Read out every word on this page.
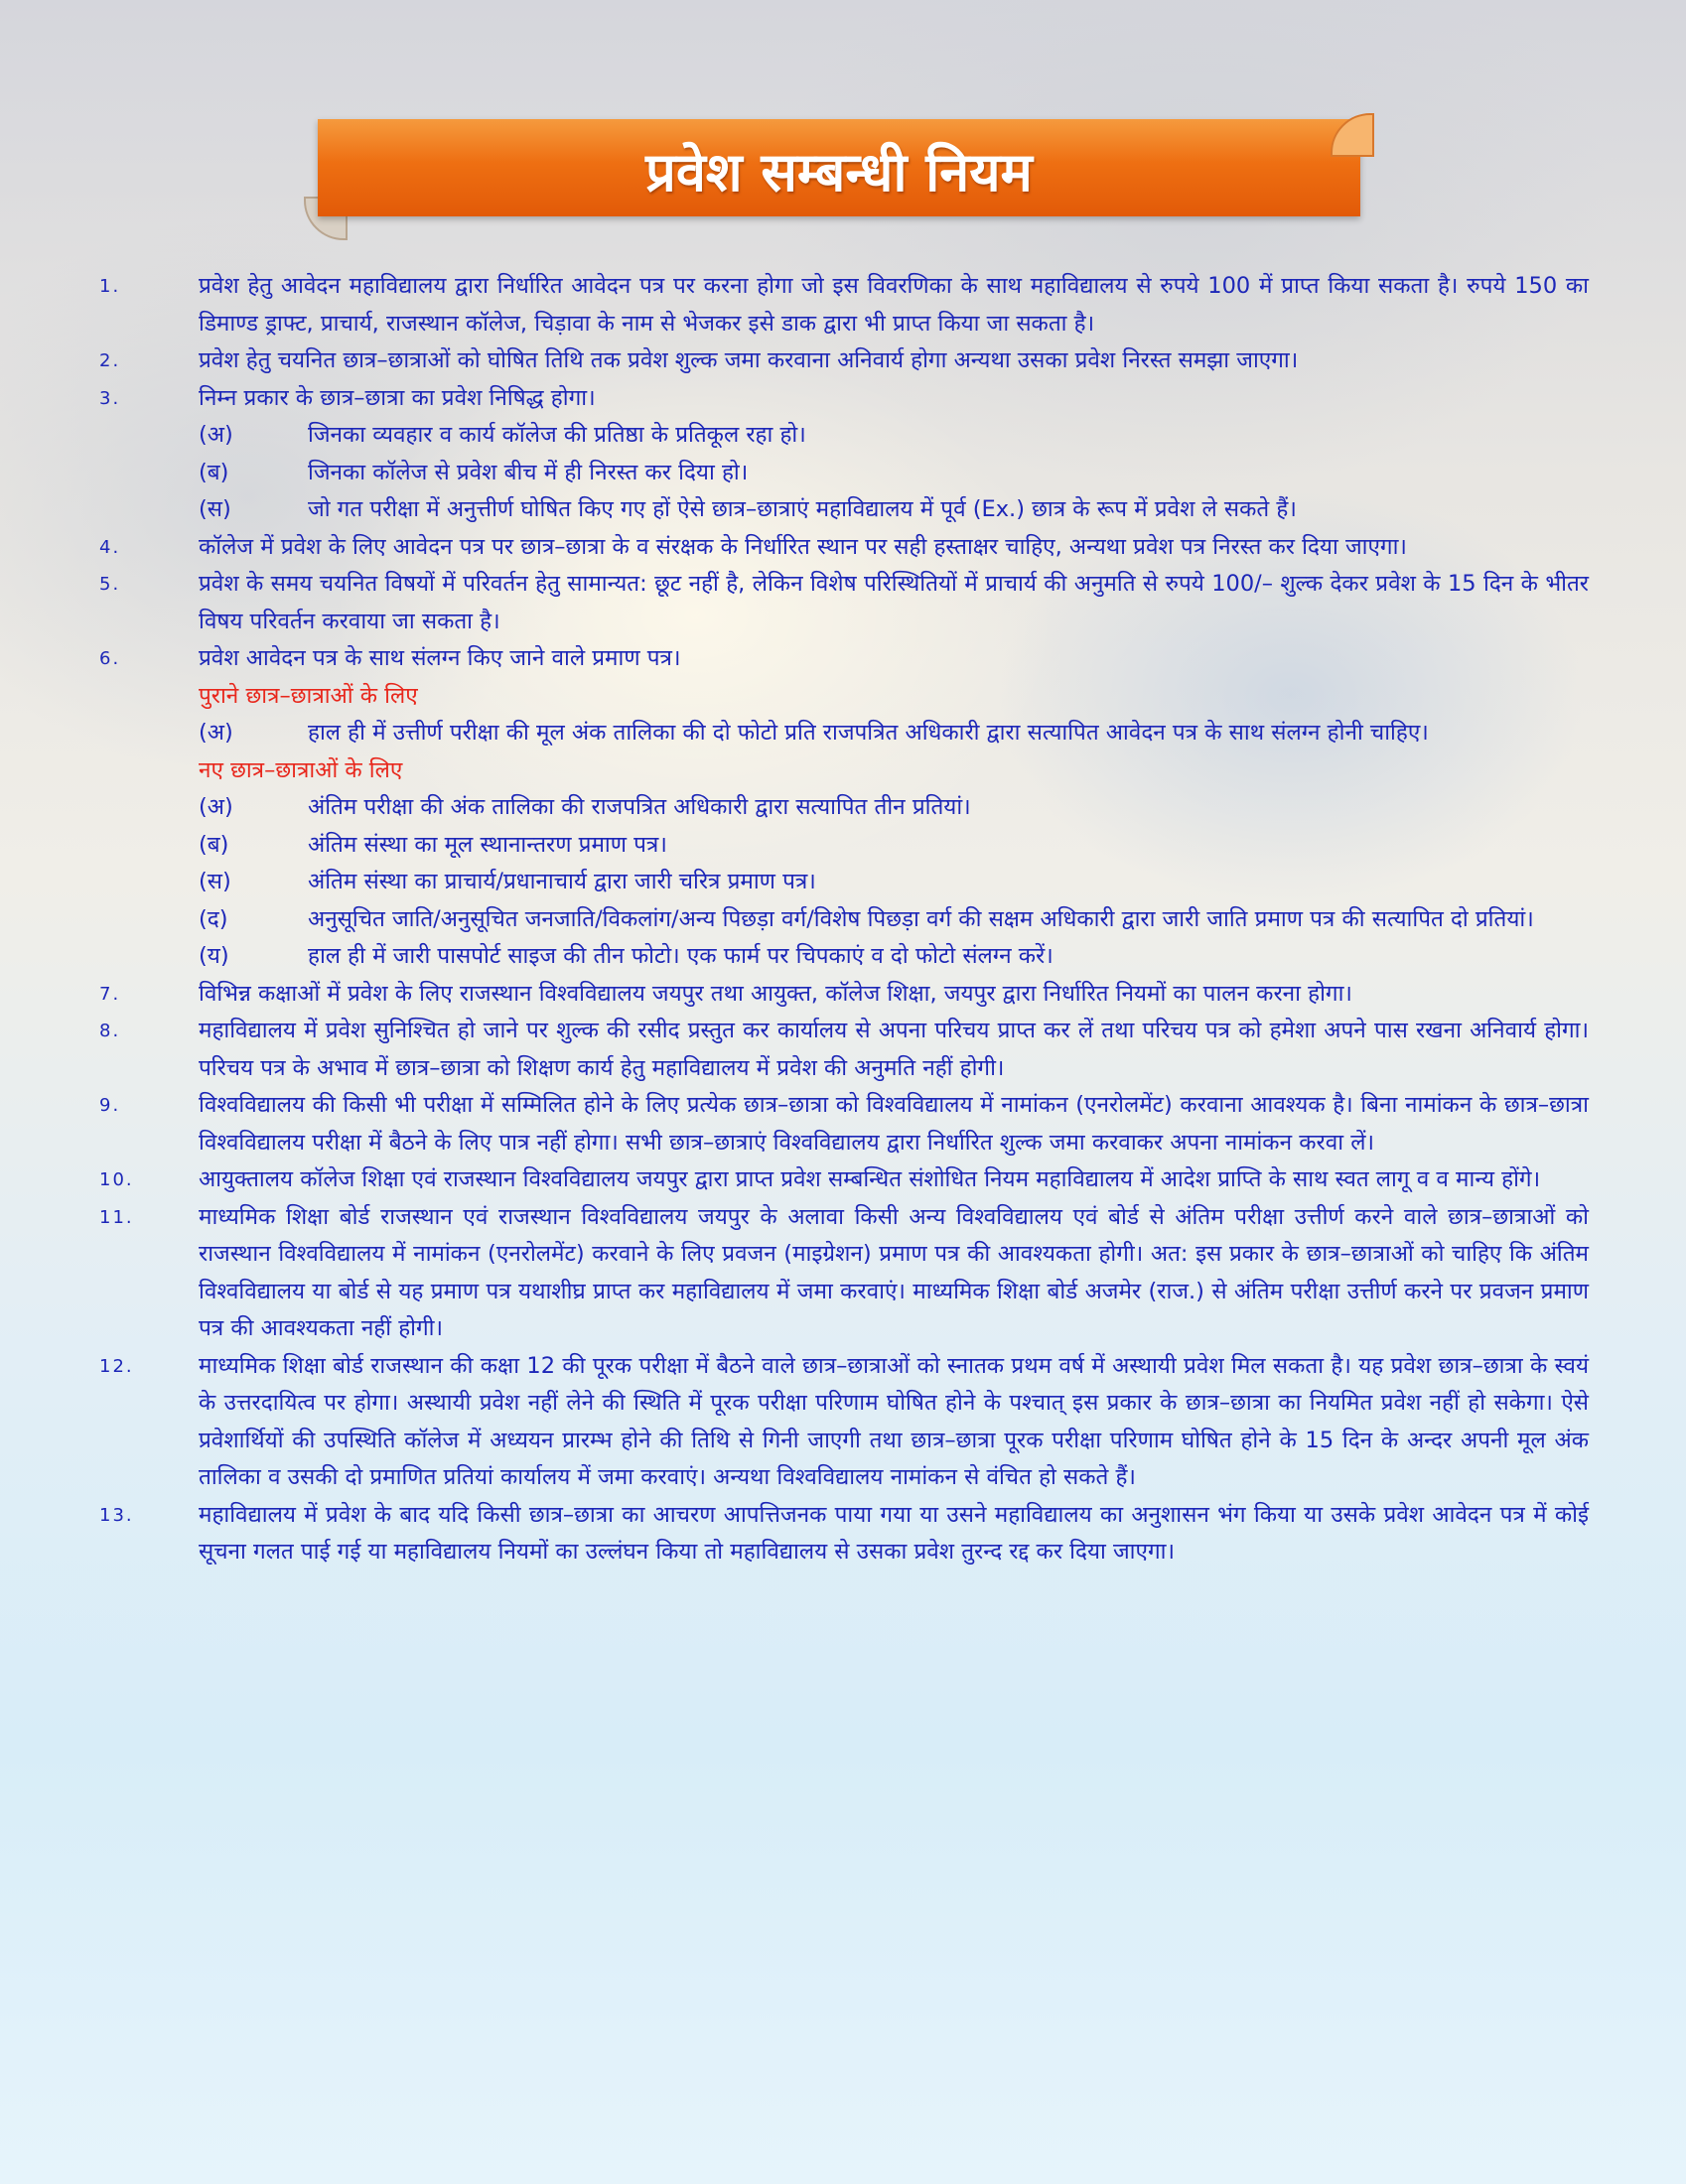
प्रवेश सम्बन्धी नियम
1.	प्रवेश हेतु आवेदन महाविद्यालय द्वारा निर्धारित आवेदन पत्र पर करना होगा जो इस विवरणिका के साथ महाविद्यालय से रुपये 100 में प्राप्त किया सकता है। रुपये 150 का डिमाण्ड ड्राफ्ट, प्राचार्य, राजस्थान कॉलेज, चिड़ावा के नाम से भेजकर इसे डाक द्वारा भी प्राप्त किया जा सकता है।
2.	प्रवेश हेतु चयनित छात्र–छात्राओं को घोषित तिथि तक प्रवेश शुल्क जमा करवाना अनिवार्य होगा अन्यथा उसका प्रवेश निरस्त समझा जाएगा।
3.	निम्न प्रकार के छात्र–छात्रा का प्रवेश निषिद्ध होगा।
(अ)	जिनका व्यवहार व कार्य कॉलेज की प्रतिष्ठा के प्रतिकूल रहा हो।
(ब)	जिनका कॉलेज से प्रवेश बीच में ही निरस्त कर दिया हो।
(स)	जो गत परीक्षा में अनुत्तीर्ण घोषित किए गए हों ऐसे छात्र–छात्राएं महाविद्यालय में पूर्व (Ex.) छात्र के रूप में प्रवेश ले सकते हैं।
4.	कॉलेज में प्रवेश के लिए आवेदन पत्र पर छात्र–छात्रा के व संरक्षक के निर्धारित स्थान पर सही हस्ताक्षर चाहिए, अन्यथा प्रवेश पत्र निरस्त कर दिया जाएगा।
5.	प्रवेश के समय चयनित विषयों में परिवर्तन हेतु सामान्यत: छूट नहीं है, लेकिन विशेष परिस्थितियों में प्राचार्य की अनुमति से रुपये 100/– शुल्क देकर प्रवेश के 15 दिन के भीतर विषय परिवर्तन करवाया जा सकता है।
6.	प्रवेश आवेदन पत्र के साथ संलग्न किए जाने वाले प्रमाण पत्र।
पुराने छात्र–छात्राओं के लिए
(अ)	हाल ही में उत्तीर्ण परीक्षा की मूल अंक तालिका की दो फोटो प्रति राजपत्रित अधिकारी द्वारा सत्यापित आवेदन पत्र के साथ संलग्न होनी चाहिए।
नए छात्र–छात्राओं के लिए
(अ)	अंतिम परीक्षा की अंक तालिका की राजपत्रित अधिकारी द्वारा सत्यापित तीन प्रतियां।
(ब)	अंतिम संस्था का मूल स्थानान्तरण प्रमाण पत्र।
(स)	अंतिम संस्था का प्राचार्य/प्रधानाचार्य द्वारा जारी चरित्र प्रमाण पत्र।
(द)	अनुसूचित जाति/अनुसूचित जनजाति/विकलांग/अन्य पिछड़ा वर्ग/विशेष पिछड़ा वर्ग की सक्षम अधिकारी द्वारा जारी जाति प्रमाण पत्र की सत्यापित दो प्रतियां।
(य)	हाल ही में जारी पासपोर्ट साइज की तीन फोटो। एक फार्म पर चिपकाएं व दो फोटो संलग्न करें।
7.	विभिन्न कक्षाओं में प्रवेश के लिए राजस्थान विश्वविद्यालय जयपुर तथा आयुक्त, कॉलेज शिक्षा, जयपुर द्वारा निर्धारित नियमों का पालन करना होगा।
8.	महाविद्यालय में प्रवेश सुनिश्चित हो जाने पर शुल्क की रसीद प्रस्तुत कर कार्यालय से अपना परिचय प्राप्त कर लें तथा परिचय पत्र को हमेशा अपने पास रखना अनिवार्य होगा। परिचय पत्र के अभाव में छात्र–छात्रा को शिक्षण कार्य हेतु महाविद्यालय में प्रवेश की अनुमति नहीं होगी।
9.	विश्वविद्यालय की किसी भी परीक्षा में सम्मिलित होने के लिए प्रत्येक छात्र–छात्रा को विश्वविद्यालय में नामांकन (एनरोलमेंट) करवाना आवश्यक है। बिना नामांकन के छात्र–छात्रा विश्वविद्यालय परीक्षा में बैठने के लिए पात्र नहीं होगा। सभी छात्र–छात्राएं विश्वविद्यालय द्वारा निर्धारित शुल्क जमा करवाकर अपना नामांकन करवा लें।
10.	आयुक्तालय कॉलेज शिक्षा एवं राजस्थान विश्वविद्यालय जयपुर द्वारा प्राप्त प्रवेश सम्बन्धित संशोधित नियम महाविद्यालय में आदेश प्राप्ति के साथ स्वत लागू व व मान्य होंगे।
11.	माध्यमिक शिक्षा बोर्ड राजस्थान एवं राजस्थान विश्वविद्यालय जयपुर के अलावा किसी अन्य विश्वविद्यालय एवं बोर्ड से अंतिम परीक्षा उत्तीर्ण करने वाले छात्र–छात्राओं को राजस्थान विश्वविद्यालय में नामांकन (एनरोलमेंट) करवाने के लिए प्रवजन (माइग्रेशन) प्रमाण पत्र की आवश्यकता होगी। अत: इस प्रकार के छात्र–छात्राओं को चाहिए कि अंतिम विश्वविद्यालय या बोर्ड से यह प्रमाण पत्र यथाशीघ्र प्राप्त कर महाविद्यालय में जमा करवाएं। माध्यमिक शिक्षा बोर्ड अजमेर (राज.) से अंतिम परीक्षा उत्तीर्ण करने पर प्रवजन प्रमाण पत्र की आवश्यकता नहीं होगी।
12.	माध्यमिक शिक्षा बोर्ड राजस्थान की कक्षा 12 की पूरक परीक्षा में बैठने वाले छात्र–छात्राओं को स्नातक प्रथम वर्ष में अस्थायी प्रवेश मिल सकता है। यह प्रवेश छात्र–छात्रा के स्वयं के उत्तरदायित्व पर होगा। अस्थायी प्रवेश नहीं लेने की स्थिति में पूरक परीक्षा परिणाम घोषित होने के पश्चात् इस प्रकार के छात्र–छात्रा का नियमित प्रवेश नहीं हो सकेगा। ऐसे प्रवेशार्थियों की उपस्थिति कॉलेज में अध्ययन प्रारम्भ होने की तिथि से गिनी जाएगी तथा छात्र–छात्रा पूरक परीक्षा परिणाम घोषित होने के 15 दिन के अन्दर अपनी मूल अंक तालिका व उसकी दो प्रमाणित प्रतियां कार्यालय में जमा करवाएं। अन्यथा विश्वविद्यालय नामांकन से वंचित हो सकते हैं।
13.	महाविद्यालय में प्रवेश के बाद यदि किसी छात्र–छात्रा का आचरण आपत्तिजनक पाया गया या उसने महाविद्यालय का अनुशासन भंग किया या उसके प्रवेश आवेदन पत्र में कोई सूचना गलत पाई गई या महाविद्यालय नियमों का उल्लंघन किया तो महाविद्यालय से उसका प्रवेश तुरन्द रद्द कर दिया जाएगा।
